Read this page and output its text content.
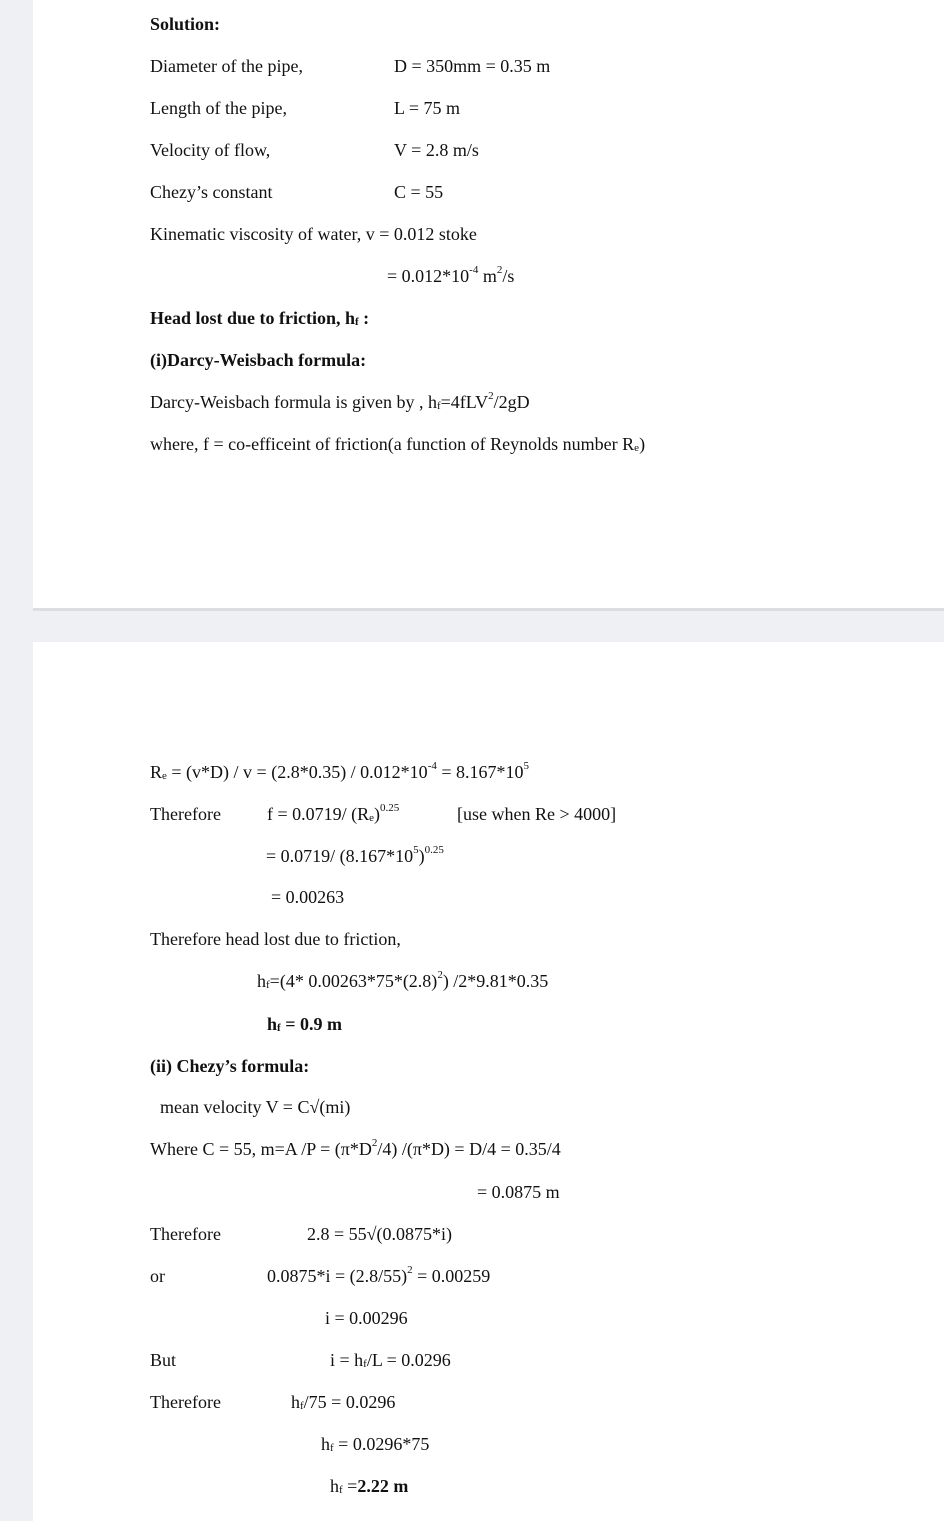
Solution:
Diameter of the pipe,	D = 350mm = 0.35 m
Length of the pipe,	L = 75 m
Velocity of flow,	V = 2.8 m/s
Chezy’s constant	C = 55
Kinematic viscosity of water, v = 0.012 stoke
= $0.012*10^{-4}$ $m^2/s$
Head lost due to friction, $h_f$ :
(i)Darcy-Weisbach formula:
Darcy-Weisbach formula is given by , $h_f=4fLV^2/2gD$
where, f = co-efficeint of friction(a function of Reynolds number $R_e$)
$R_e = (v*D) / v = (2.8*0.35) / 0.012*10^{-4} = 8.167*10^5$
Therefore	f = 0.0719/ $(R_e)^{0.25}$	[use when Re > 4000]
= 0.0719/ $(8.167*10^5)^{0.25}$
= 0.00263
Therefore head lost due to friction,
$h_f=(4*$ $0.00263*75*(2.8)^2$) /2*9.81*0.35
$h_f = 0.9$ m
(ii) Chezy’s formula:
mean velocity V = C√(mi)
Where C = 55, m=A $/P = (\pi*D^2/4) /(\pi*D) = D/4 = 0.35/4$
= 0.0875 m
Therefore	2.8 = 55√(0.0875*i)
or	$0.0875*i = (2.8/55)^2 = 0.00259$
i = 0.00296
But	$i = h_f/L = 0.0296$
Therefore	$h_f/75 = 0.0296$
$h_f = 0.0296*75$
$h_f =2.22$ m
